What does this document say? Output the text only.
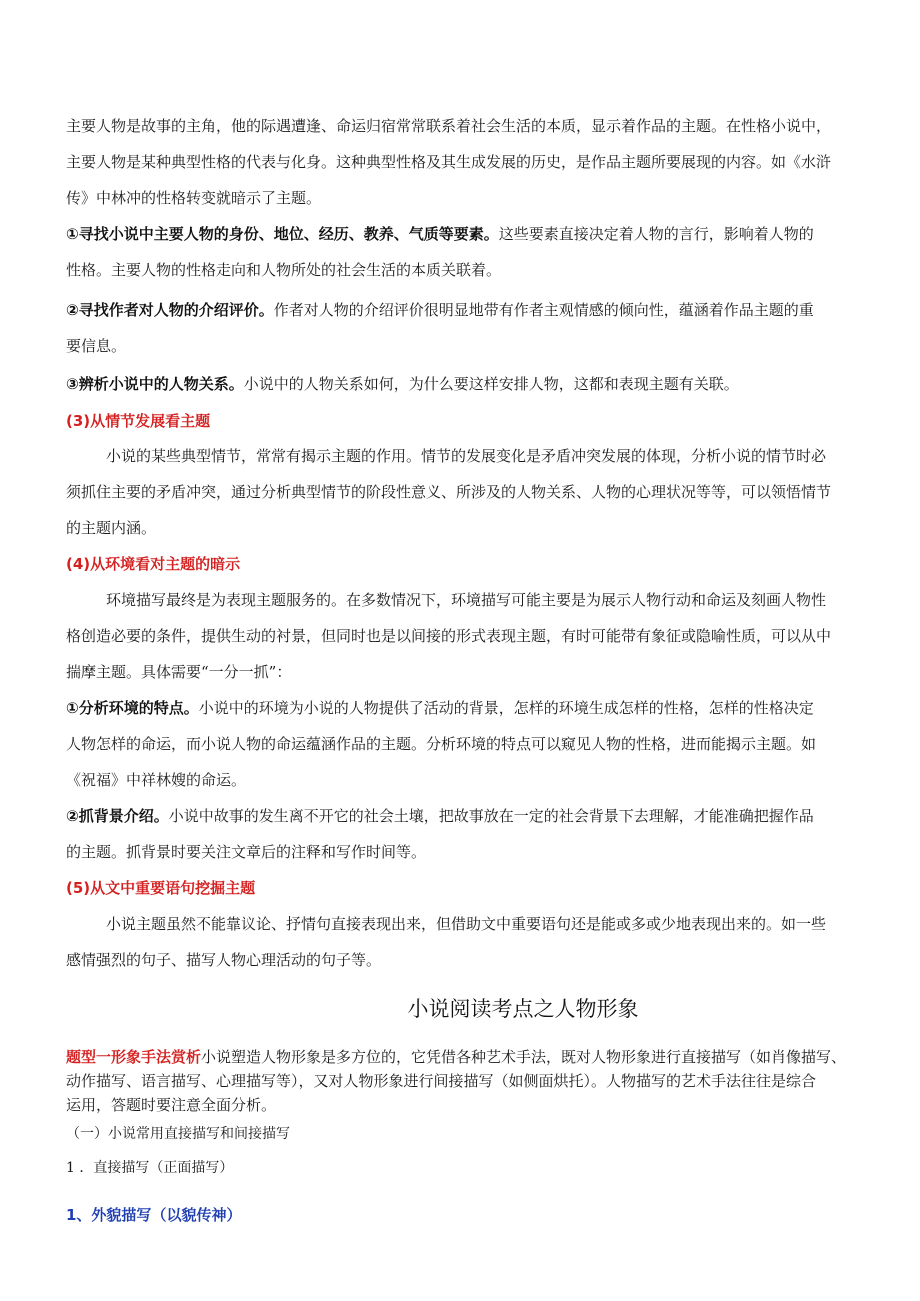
主要人物是故事的主角，他的际遇遭逢、命运归宿常常联系着社会生活的本质，显示着作品的主题。在性格小说中，
主要人物是某种典型性格的代表与化身。这种典型性格及其生成发展的历史，是作品主题所要展现的内容。如《水浒
传》中林冲的性格转变就暗示了主题。
①寻找小说中主要人物的身份、地位、经历、教养、气质等要素。这些要素直接决定着人物的言行，影响着人物的
性格。主要人物的性格走向和人物所处的社会生活的本质关联着。
②寻找作者对人物的介绍评价。作者对人物的介绍评价很明显地带有作者主观情感的倾向性，蕴涵着作品主题的重
要信息。
③辨析小说中的人物关系。小说中的人物关系如何，为什么要这样安排人物，这都和表现主题有关联。
(3)从情节发展看主题
小说的某些典型情节，常常有揭示主题的作用。情节的发展变化是矛盾冲突发展的体现，分析小说的情节时必
须抓住主要的矛盾冲突，通过分析典型情节的阶段性意义、所涉及的人物关系、人物的心理状况等等，可以领悟情节
的主题内涵。
(4)从环境看对主题的暗示
环境描写最终是为表现主题服务的。在多数情况下，环境描写可能主要是为展示人物行动和命运及刻画人物性
格创造必要的条件，提供生动的衬景，但同时也是以间接的形式表现主题，有时可能带有象征或隐喻性质，可以从中
揣摩主题。具体需要“一分一抓”：
①分析环境的特点。小说中的环境为小说的人物提供了活动的背景，怎样的环境生成怎样的性格，怎样的性格决定
人物怎样的命运，而小说人物的命运蕴涵作品的主题。分析环境的特点可以窥见人物的性格，进而能揭示主题。如
《祝福》中祥林嫂的命运。
②抓背景介绍。小说中故事的发生离不开它的社会土壤，把故事放在一定的社会背景下去理解，才能准确把握作品
的主题。抓背景时要关注文章后的注释和写作时间等。
(5)从文中重要语句挖掘主题
小说主题虽然不能靠议论、抒情句直接表现出来，但借助文中重要语句还是能或多或少地表现出来的。如一些
感情强烈的句子、描写人物心理活动的句子等。
小说阅读考点之人物形象
题型一形象手法赏析小说塑造人物形象是多方位的，它凭借各种艺术手法，既对人物形象进行直接描写（如肖像描写、
动作描写、语言描写、心理描写等），又对人物形象进行间接描写（如侧面烘托）。人物描写的艺术手法往往是综合
运用，答题时要注意全面分析。
（一）小说常用直接描写和间接描写
1 ．直接描写（正面描写）
1、外貌描写（以貌传神）
